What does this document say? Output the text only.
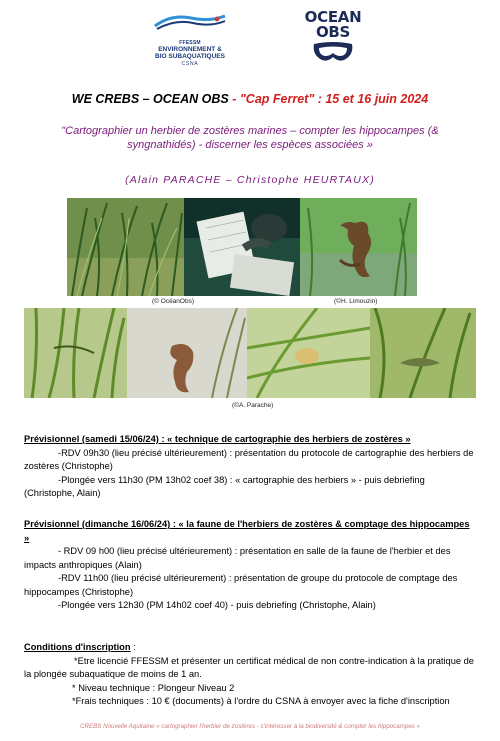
FFESSM
ENVIRONNEMENT &
BIO SUBAQUATIQUES
CSNA
OCEAN
OBS
WE CREBS – OCEAN OBS - "Cap Ferret" : 15 et 16 juin 2024
"Cartographier un herbier de zostères marines – compter les hippocampes (& syngnathidés) - discerner les espèces associées »
(Alain PARACHE – Christophe HEURTAUX)
(© OcéanObs)	(©H. Limouzin)
(©A. Parache)

Prévisionnel (samedi 15/06/24) : « technique de cartographie des herbiers de zostères »

-RDV 09h30 (lieu précisé ultérieurement) : présentation du protocole de cartographie des herbiers de zostères (Christophe)

-Plongée vers 11h30 (PM 13h02 coef 38) : « cartographie des herbiers » - puis debriefing (Christophe, Alain)

Prévisionnel (dimanche 16/06/24) : « la faune de l'herbiers de zostères & comptage des hippocampes »

- RDV 09 h00 (lieu précisé ultérieurement) : présentation en salle de la faune de l'herbier et des impacts anthropiques (Alain)

-RDV 11h00 (lieu précisé ultérieurement) : présentation de groupe du protocole de comptage des hippocampes (Christophe)

-Plongée vers 12h30 (PM 14h02 coef 40) - puis debriefing (Christophe, Alain)

Conditions d'inscription :

*Etre licencié FFESSM et présenter un certificat médical de non contre-indication à la pratique de la plongée subaquatique de moins de 1 an.

* Niveau technique : Plongeur Niveau 2

*Frais techniques : 10 € (documents) à l'ordre du CSNA à envoyer avec la fiche d'inscription

CREBS Nouvelle Aquitaine « cartographier l'herbier de zostères - s'intéresser à la biodiversité & compter les hippocampes »
